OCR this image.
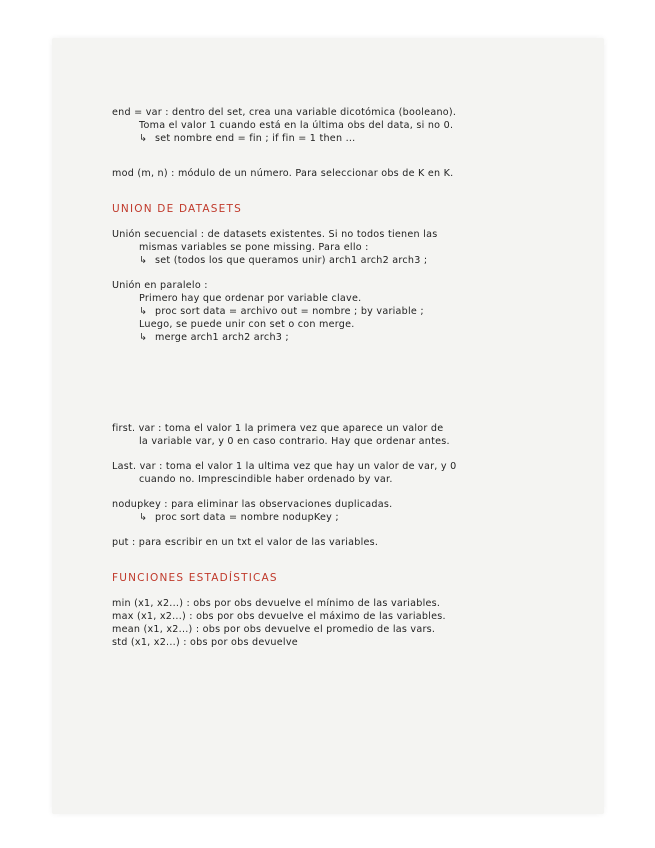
end = var : dentro del set, crea una variable dicotómica (booleano).
Toma el valor 1 cuando está en la última obs del data, si no 0.
↳ set nombre end = fin ; if fin = 1 then ...
mod (m, n) : módulo de un número. Para seleccionar obs de K en K.
UNION DE DATASETS
Unión secuencial : de datasets existentes. Si no todos tienen las
mismas variables se pone missing. Para ello :
↳ set (todos los que queramos unir) arch1 arch2 arch3 ;
Unión en paralelo :
Primero hay que ordenar por variable clave.
↳ proc sort data = archivo out = nombre ; by variable ;
Luego, se puede unir con set o con merge.
↳ merge arch1 arch2 arch3 ;
first. var : toma el valor 1 la primera vez que aparece un valor de
la variable var, y 0 en caso contrario. Hay que ordenar antes.
Last. var : toma el valor 1 la ultima vez que hay un valor de var, y 0
cuando no. Imprescindible haber ordenado by var.
nodupkey : para eliminar las observaciones duplicadas.
↳ proc sort data = nombre nodupKey ;
put : para escribir en un txt el valor de las variables.
FUNCIONES ESTADÍSTICAS
min (x1, x2...) : obs por obs devuelve el mínimo de las variables.
max (x1, x2...) : obs por obs devuelve el máximo de las variables.
mean (x1, x2...) : obs por obs devuelve el promedio de las vars.
std (x1, x2...) : obs por obs devuelve
